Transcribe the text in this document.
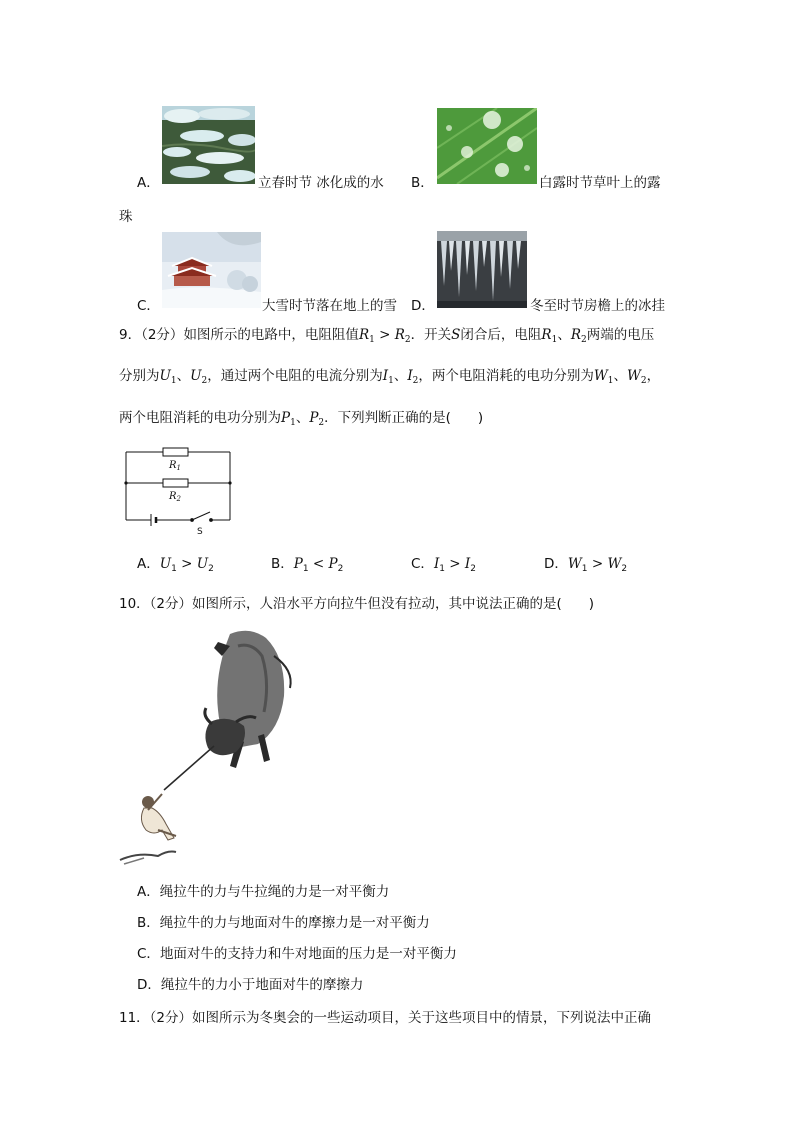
A．	立春时节 冰化成的水 B．	白露时节草叶上的露
珠
C．	大雪时节落在地上的雪 D．	冬至时节房檐上的冰挂
9．（2分）如图所示的电路中，电阻阻值$R_1 > R_2$．开关S闭合后，电阻$R_1$、$R_2$两端的电压
分别为$U_1$、$U_2$，通过两个电阻的电流分别为$I_1$、$I_2$，两个电阻消耗的电功分别为$W_1$、$W_2$，
两个电阻消耗的电功分别为$P_1$、$P_2$．下列判断正确的是(　　)
$R_1$
$R_2$
S
A．$U_1 > U_2$	B．$P_1 < P_2$	C．$I_1 > I_2$	D．$W_1 > W_2$
10．（2分）如图所示，人沿水平方向拉牛但没有拉动，其中说法正确的是(　　)
A．绳拉牛的力与牛拉绳的力是一对平衡力
B．绳拉牛的力与地面对牛的摩擦力是一对平衡力
C．地面对牛的支持力和牛对地面的压力是一对平衡力
D．绳拉牛的力小于地面对牛的摩擦力
11．（2分）如图所示为冬奥会的一些运动项目，关于这些项目中的情景，下列说法中正确
